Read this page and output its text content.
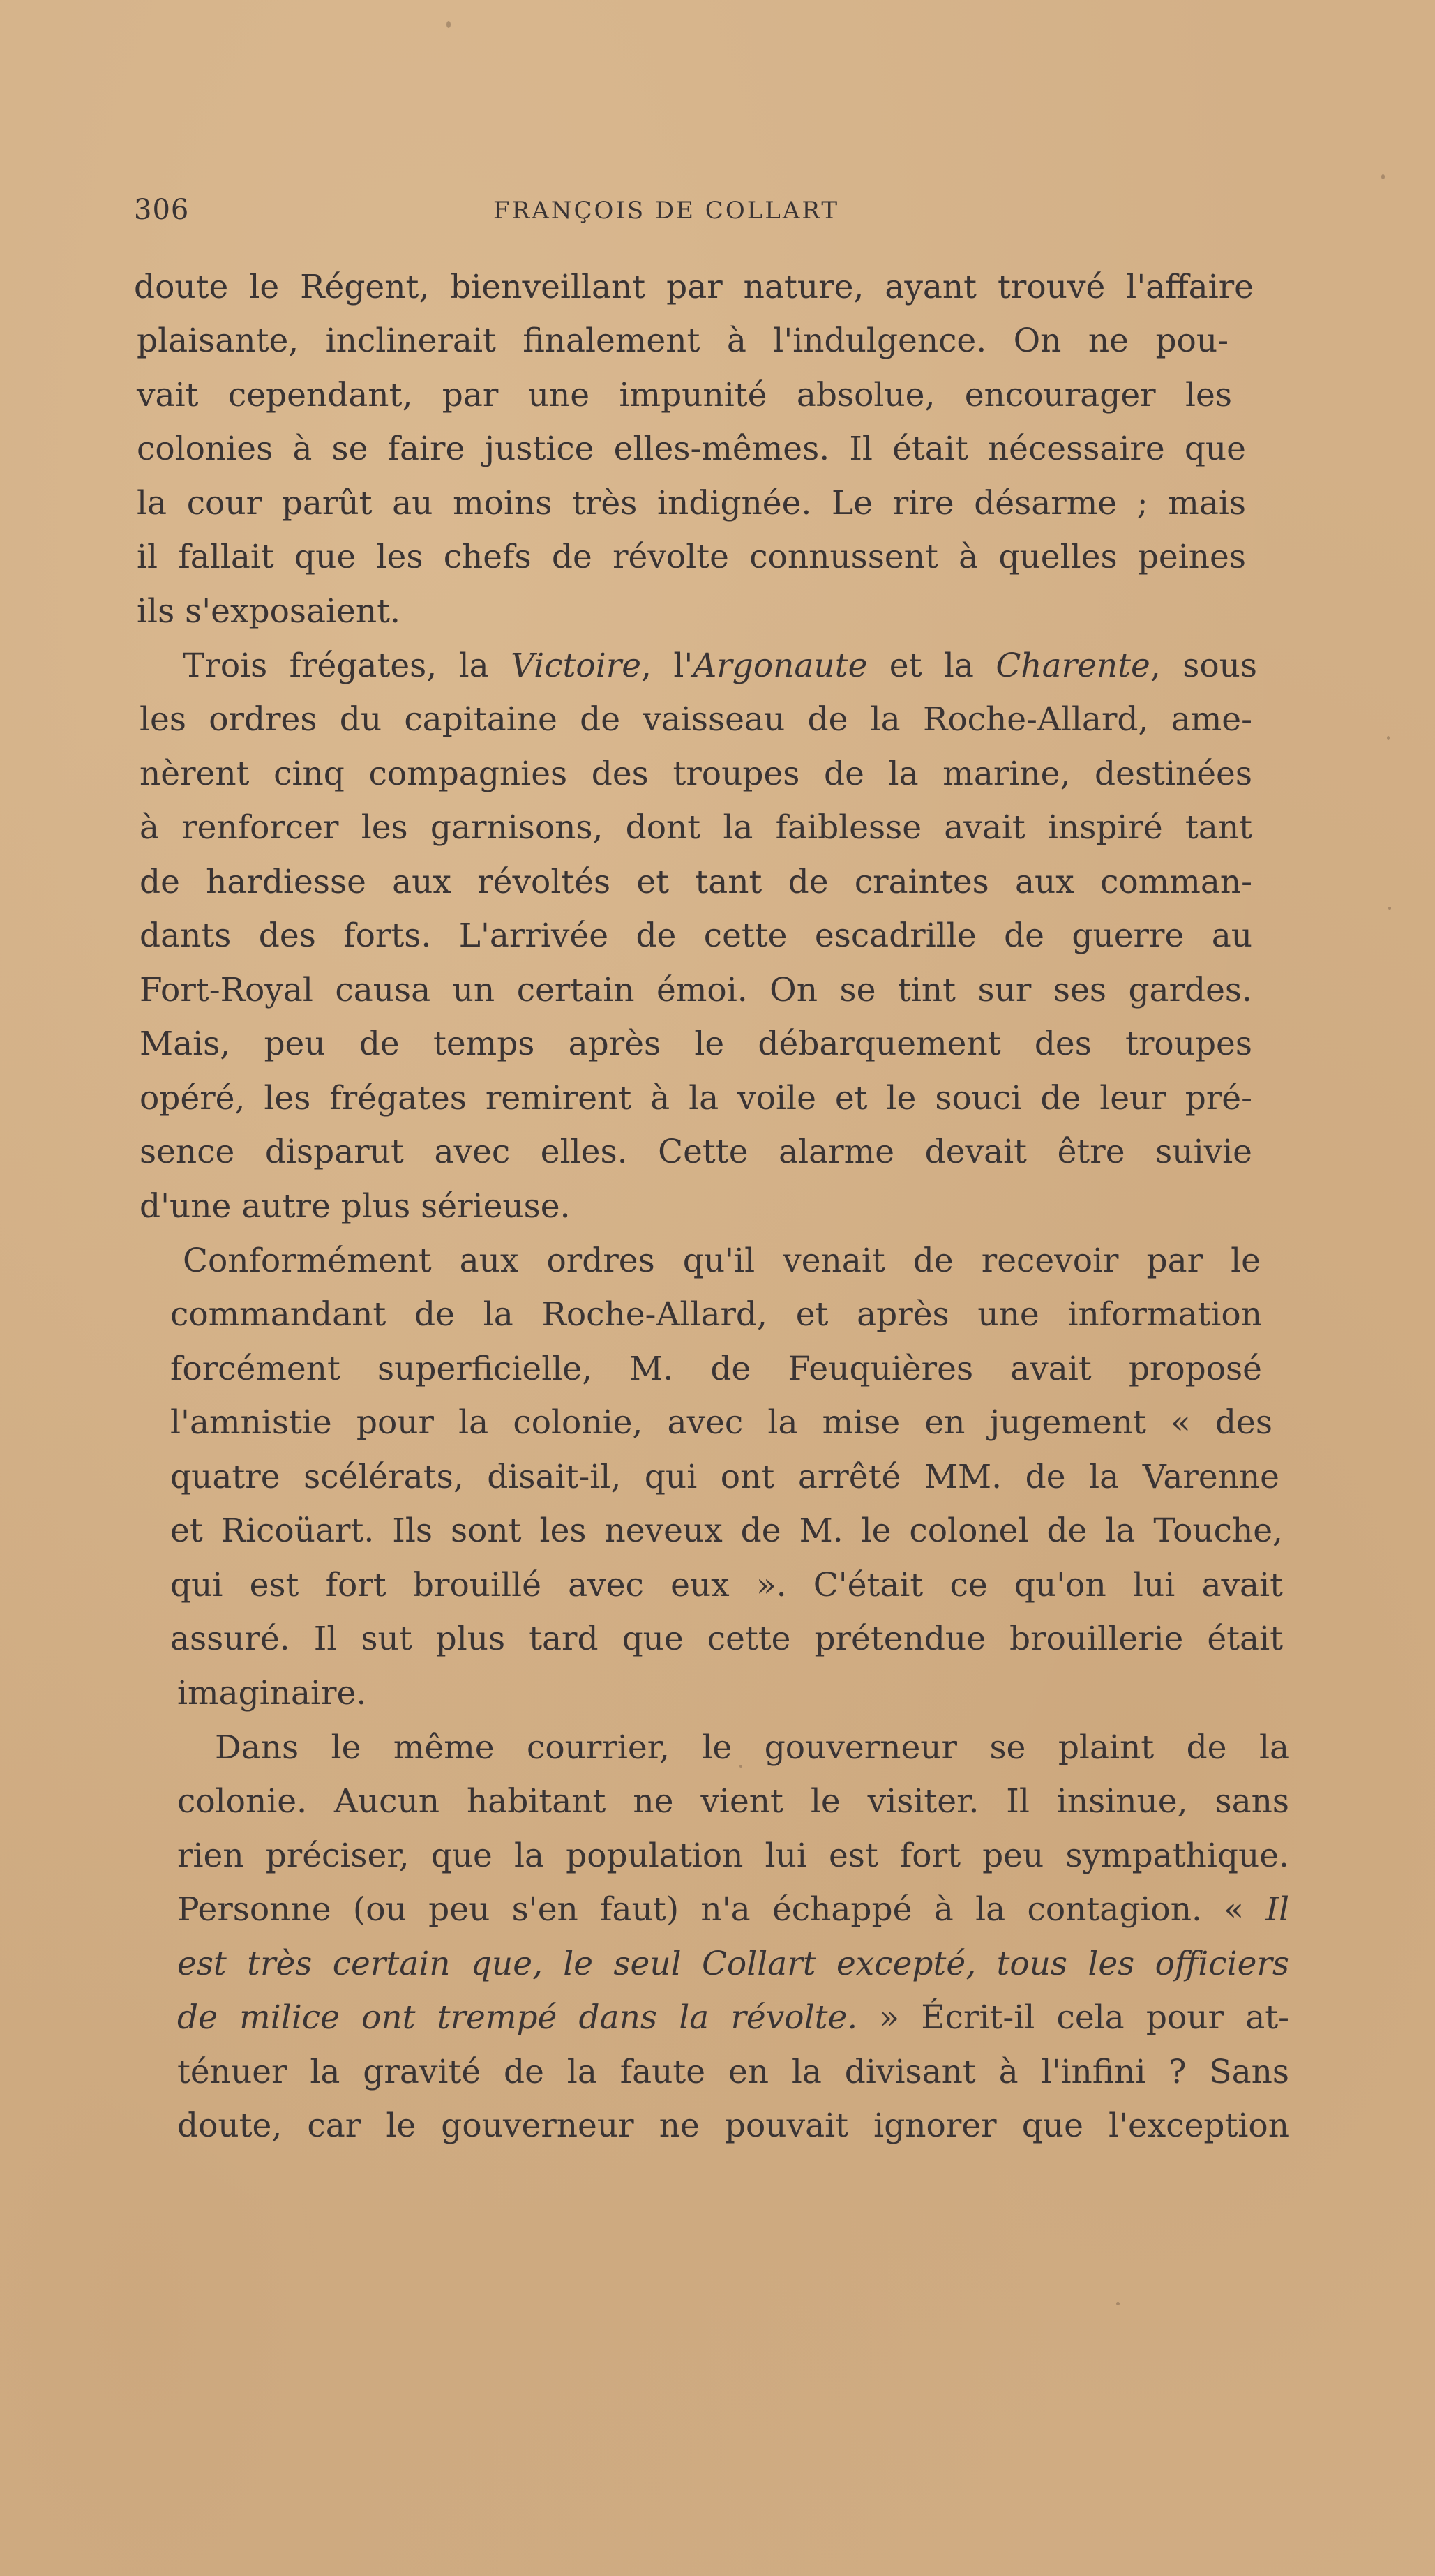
306	FRANÇOIS DE COLLART
doute le Régent, bienveillant par nature, ayant trouvé l'affaire
plaisante, inclinerait finalement à l'indulgence. On ne pou-
vait cependant, par une impunité absolue, encourager les
colonies à se faire justice elles-mêmes. Il était nécessaire que
la cour parût au moins très indignée. Le rire désarme ; mais
il fallait que les chefs de révolte connussent à quelles peines
ils s'exposaient.
Trois frégates, la Victoire, l'Argonaute et la Charente, sous
les ordres du capitaine de vaisseau de la Roche-Allard, ame-
nèrent cinq compagnies des troupes de la marine, destinées
à renforcer les garnisons, dont la faiblesse avait inspiré tant
de hardiesse aux révoltés et tant de craintes aux comman-
dants des forts. L'arrivée de cette escadrille de guerre au
Fort-Royal causa un certain émoi. On se tint sur ses gardes.
Mais, peu de temps après le débarquement des troupes
opéré, les frégates remirent à la voile et le souci de leur pré-
sence disparut avec elles. Cette alarme devait être suivie
d'une autre plus sérieuse.
Conformément aux ordres qu'il venait de recevoir par le
commandant de la Roche-Allard, et après une information
forcément superficielle, M. de Feuquières avait proposé
l'amnistie pour la colonie, avec la mise en jugement « des
quatre scélérats, disait-il, qui ont arrêté MM. de la Varenne
et Ricoüart. Ils sont les neveux de M. le colonel de la Touche,
qui est fort brouillé avec eux ». C'était ce qu'on lui avait
assuré. Il sut plus tard que cette prétendue brouillerie était
imaginaire.
Dans le même courrier, le gouverneur se plaint de la
colonie. Aucun habitant ne vient le visiter. Il insinue, sans
rien préciser, que la population lui est fort peu sympathique.
Personne (ou peu s'en faut) n'a échappé à la contagion. « Il
est très certain que, le seul Collart excepté, tous les officiers
de milice ont trempé dans la révolte. » Écrit-il cela pour at-
ténuer la gravité de la faute en la divisant à l'infini ? Sans
doute, car le gouverneur ne pouvait ignorer que l'exception
